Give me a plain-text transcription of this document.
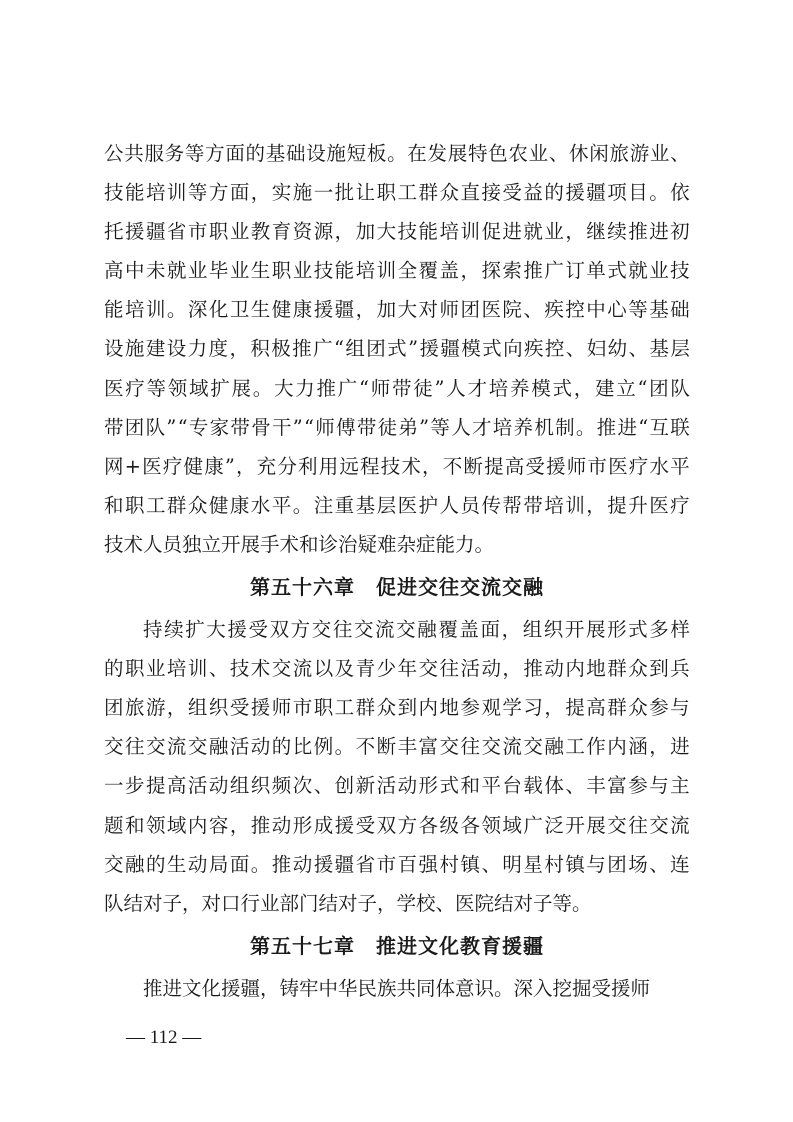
公 共 服 务 等 方 面 的 基 础 设 施 短 板 。 在 发 展 特 色 农 业 、 休 闲 旅 游 业 、
技 能 培 训 等 方 面 ， 实 施 一 批 让 职 工 群 众 直 接 受 益 的 援 疆 项 目 。 依
托 援 疆 省 市 职 业 教 育 资 源 ， 加 大 技 能 培 训 促 进 就 业 ， 继 续 推 进 初
高 中 未 就 业 毕 业 生 职 业 技 能 培 训 全 覆 盖 ， 探 索 推 广 订 单 式 就 业 技
能 培 训 。 深 化 卫 生 健 康 援 疆 ， 加 大 对 师 团 医 院 、 疾 控 中 心 等 基 础
设 施 建 设 力 度 ， 积 极 推 广 “ 组 团 式 ” 援 疆 模 式 向 疾 控 、 妇 幼 、 基 层
医 疗 等 领 域 扩 展 。 大 力 推 广 “ 师 带 徒 ” 人 才 培 养 模 式 ， 建 立 “ 团 队
带 团 队 ” “ 专 家 带 骨 干 ” “ 师 傅 带 徒 弟 ” 等 人 才 培 养 机 制 。 推 进 “ 互 联
网 + 医 疗 健 康 ” ， 充 分 利 用 远 程 技 术 ， 不 断 提 高 受 援 师 市 医 疗 水 平
和 职 工 群 众 健 康 水 平 。 注 重 基 层 医 护 人 员 传 帮 带 培 训 ， 提 升 医 疗
技术人员独立开展手术和诊治疑难杂症能力。
第五十六章　促进交往交流交融
持 续 扩 大 援 受 双 方 交 往 交 流 交 融 覆 盖 面 ， 组 织 开 展 形 式 多 样
的 职 业 培 训 、 技 术 交 流 以 及 青 少 年 交 往 活 动 ， 推 动 内 地 群 众 到 兵
团 旅 游 ， 组 织 受 援 师 市 职 工 群 众 到 内 地 参 观 学 习 ， 提 高 群 众 参 与
交 往 交 流 交 融 活 动 的 比 例 。 不 断 丰 富 交 往 交 流 交 融 工 作 内 涵 ， 进
一 步 提 高 活 动 组 织 频 次 、 创 新 活 动 形 式 和 平 台 载 体 、 丰 富 参 与 主
题 和 领 域 内 容 ， 推 动 形 成 援 受 双 方 各 级 各 领 域 广 泛 开 展 交 往 交 流
交 融 的 生 动 局 面 。 推 动 援 疆 省 市 百 强 村 镇 、 明 星 村 镇 与 团 场 、 连
队结对子，对口行业部门结对子，学校、医院结对子等。
第五十七章　推进文化教育援疆
推进文化援疆，铸牢中华民族共同体意识。深入挖掘受援师
— 112 —
